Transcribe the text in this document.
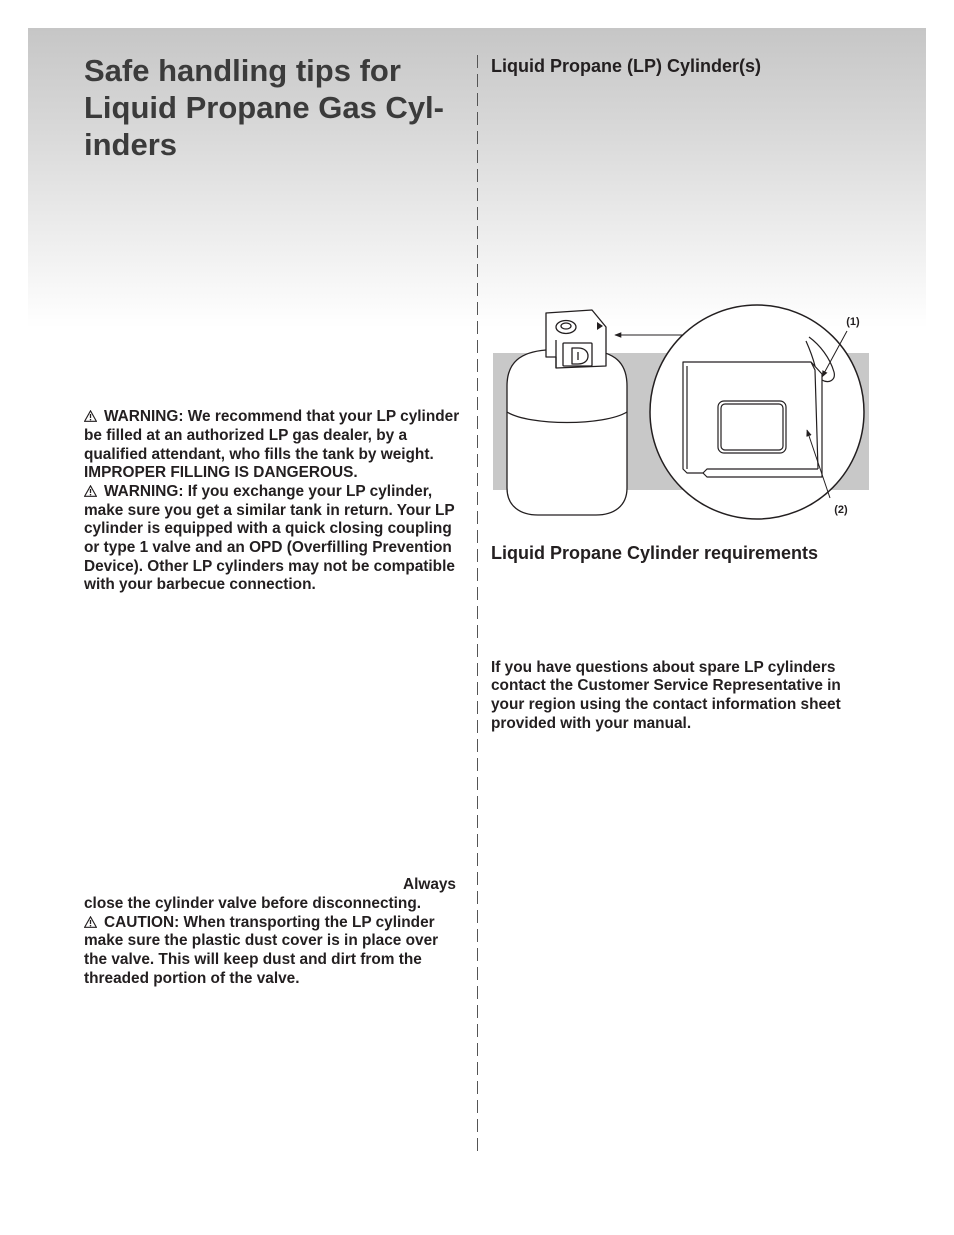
Safe handling tips for
Liquid Propane Gas Cyl-
inders
WARNING: We recommend that your LP cylinder
be filled at an authorized LP gas dealer, by a
qualified attendant, who fills the tank by weight.
IMPROPER FILLING IS DANGEROUS.
WARNING: If you exchange your LP cylinder,
make sure you get a similar tank in return. Your LP
cylinder is equipped with a quick closing coupling
or type 1 valve and an OPD (Overfilling Prevention
Device). Other LP cylinders may not be compatible
with your barbecue connection.
Always
close the cylinder valve before disconnecting.
CAUTION: When transporting the LP cylinder
make sure the plastic dust cover is in place over
the valve. This will keep dust and dirt from the
threaded portion of the valve.
Liquid Propane (LP) Cylinder(s)
(1)
(2)
Liquid Propane Cylinder requirements
If you have questions about spare LP cylinders
contact the Customer Service Representative in
your region using the contact information sheet
provided with your manual.
